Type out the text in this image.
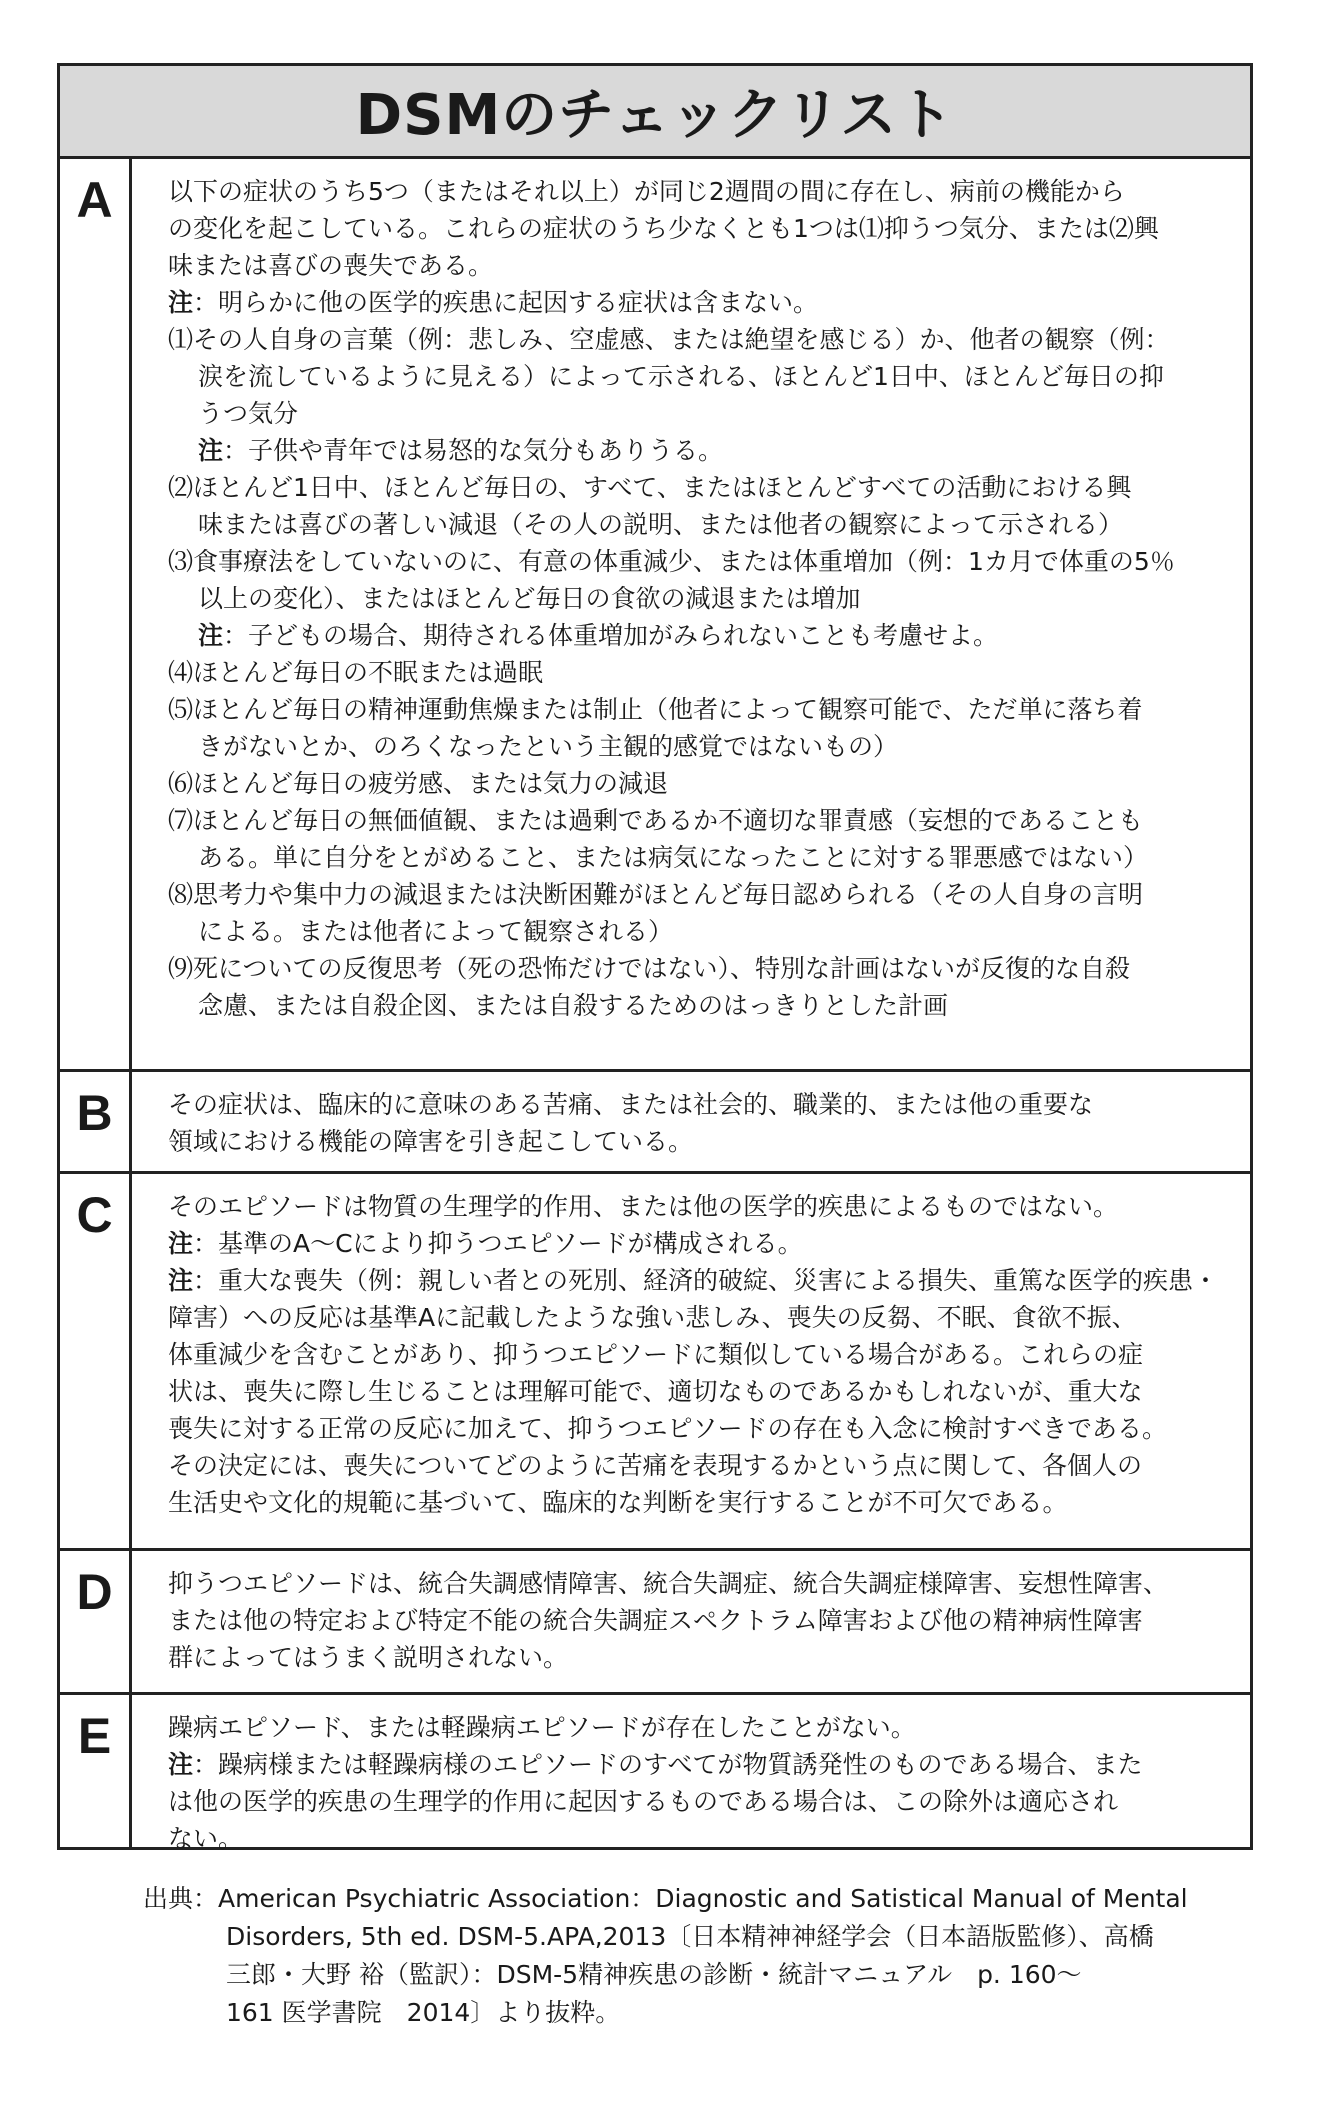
DSMのチェックリスト
A	以下の症状のうち5つ（またはそれ以上）が同じ2週間の間に存在し、病前の機能から
の変化を起こしている。これらの症状のうち少なくとも1つは⑴抑うつ気分、または⑵興
味または喜びの喪失である。
注：明らかに他の医学的疾患に起因する症状は含まない。
⑴その人自身の言葉（例：悲しみ、空虚感、または絶望を感じる）か、他者の観察（例：
涙を流しているように見える）によって示される、ほとんど1日中、ほとんど毎日の抑
うつ気分
注：子供や青年では易怒的な気分もありうる。
⑵ほとんど1日中、ほとんど毎日の、すべて、またはほとんどすべての活動における興
味または喜びの著しい減退（その人の説明、または他者の観察によって示される）
⑶食事療法をしていないのに、有意の体重減少、または体重増加（例：1カ月で体重の5％
以上の変化）、またはほとんど毎日の食欲の減退または増加
注：子どもの場合、期待される体重増加がみられないことも考慮せよ。
⑷ほとんど毎日の不眠または過眠
⑸ほとんど毎日の精神運動焦燥または制止（他者によって観察可能で、ただ単に落ち着
きがないとか、のろくなったという主観的感覚ではないもの）
⑹ほとんど毎日の疲労感、または気力の減退
⑺ほとんど毎日の無価値観、または過剰であるか不適切な罪責感（妄想的であることも
ある。単に自分をとがめること、または病気になったことに対する罪悪感ではない）
⑻思考力や集中力の減退または決断困難がほとんど毎日認められる（その人自身の言明
による。または他者によって観察される）
⑼死についての反復思考（死の恐怖だけではない）、特別な計画はないが反復的な自殺
念慮、または自殺企図、または自殺するためのはっきりとした計画
B	その症状は、臨床的に意味のある苦痛、または社会的、職業的、または他の重要な
領域における機能の障害を引き起こしている。
C	そのエピソードは物質の生理学的作用、または他の医学的疾患によるものではない。
注：基準のA〜Cにより抑うつエピソードが構成される。
注：重大な喪失（例：親しい者との死別、経済的破綻、災害による損失、重篤な医学的疾患・
障害）への反応は基準Aに記載したような強い悲しみ、喪失の反芻、不眠、食欲不振、
体重減少を含むことがあり、抑うつエピソードに類似している場合がある。これらの症
状は、喪失に際し生じることは理解可能で、適切なものであるかもしれないが、重大な
喪失に対する正常の反応に加えて、抑うつエピソードの存在も入念に検討すべきである。
その決定には、喪失についてどのように苦痛を表現するかという点に関して、各個人の
生活史や文化的規範に基づいて、臨床的な判断を実行することが不可欠である。
D	抑うつエピソードは、統合失調感情障害、統合失調症、統合失調症様障害、妄想性障害、
または他の特定および特定不能の統合失調症スペクトラム障害および他の精神病性障害
群によってはうまく説明されない。
E	躁病エピソード、または軽躁病エピソードが存在したことがない。
注：躁病様または軽躁病様のエピソードのすべてが物質誘発性のものである場合、また
は他の医学的疾患の生理学的作用に起因するものである場合は、この除外は適応され
ない。
出典：American Psychiatric Association：Diagnostic and Satistical Manual of Mental
Disorders, 5th ed. DSM-5.APA,2013〔日本精神神経学会（日本語版監修）、高橋
三郎・大野 裕（監訳）：DSM‐5精神疾患の診断・統計マニュアル　p. 160〜
161 医学書院　2014〕より抜粋。
